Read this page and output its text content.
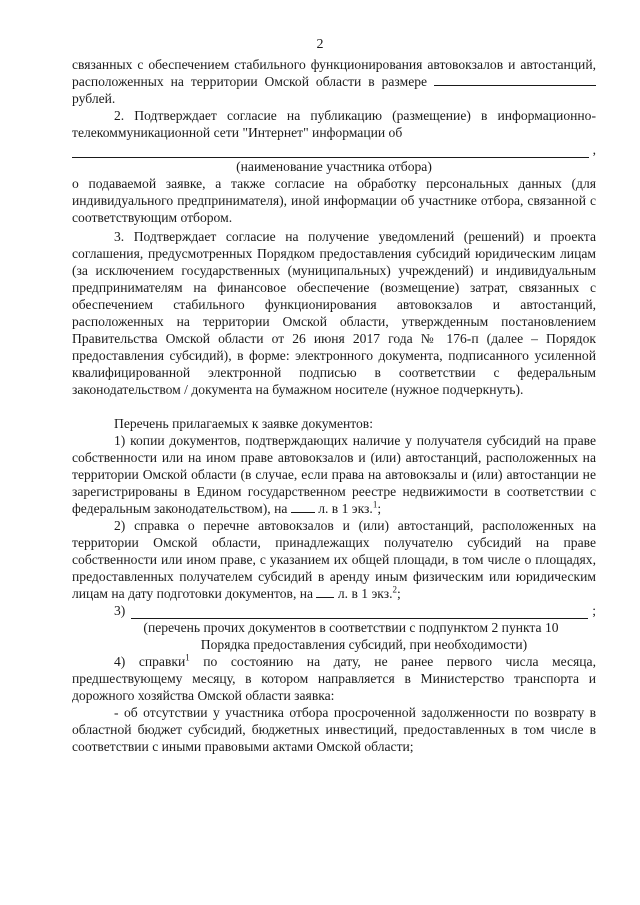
2

связанных с обеспечением стабильного функционирования автовокзалов и автостанций, расположенных на территории Омской области в размере  рублей.

2. Подтверждает согласие на публикацию (размещение) в информационно-телекоммуникационной сети "Интернет" информации об

,

(наименование участника отбора)

о подаваемой заявке, а также согласие на обработку персональных данных (для индивидуального предпринимателя), иной информации об участнике отбора, связанной с соответствующим отбором.

3. Подтверждает согласие на получение уведомлений (решений) и проекта соглашения, предусмотренных Порядком предоставления субсидий юридическим лицам (за исключением государственных (муниципальных) учреждений) и индивидуальным предпринимателям на финансовое обеспечение (возмещение) затрат, связанных с обеспечением стабильного функционирования автовокзалов и автостанций, расположенных на территории Омской области, утвержденным постановлением Правительства Омской области от 26 июня 2017 года № 176-п (далее – Порядок предоставления субсидий), в форме: электронного документа, подписанного усиленной квалифицированной электронной подписью в соответствии с федеральным законодательством / документа на бумажном носителе (нужное подчеркнуть).

Перечень прилагаемых к заявке документов:

1) копии документов, подтверждающих наличие у получателя субсидий на праве собственности или на ином праве автовокзалов и (или) автостанций, расположенных на территории Омской области (в случае, если права на автовокзалы и (или) автостанции не зарегистрированы в Едином государственном реестре недвижимости в соответствии с федеральным законодательством), на  л. в 1 экз.$^1$;

2) справка о перечне автовокзалов и (или) автостанций, расположенных на территории Омской области, принадлежащих получателю субсидий на праве собственности или ином праве, с указанием их общей площади, в том числе о площадях, предоставленных получателем субсидий в аренду иным физическим или юридическим лицам на дату подготовки документов, на  л. в 1 экз.$^2$;

3)	;

(перечень прочих документов в соответствии с подпунктом 2 пункта 10

Порядка предоставления субсидий, при необходимости)

4) справки$^1$ по состоянию на дату, не ранее первого числа месяца, предшествующему месяцу, в котором направляется в Министерство транспорта и дорожного хозяйства Омской области заявка:

- об отсутствии у участника отбора просроченной задолженности по возврату в областной бюджет субсидий, бюджетных инвестиций, предоставленных в том числе в соответствии с иными правовыми актами Омской области;
